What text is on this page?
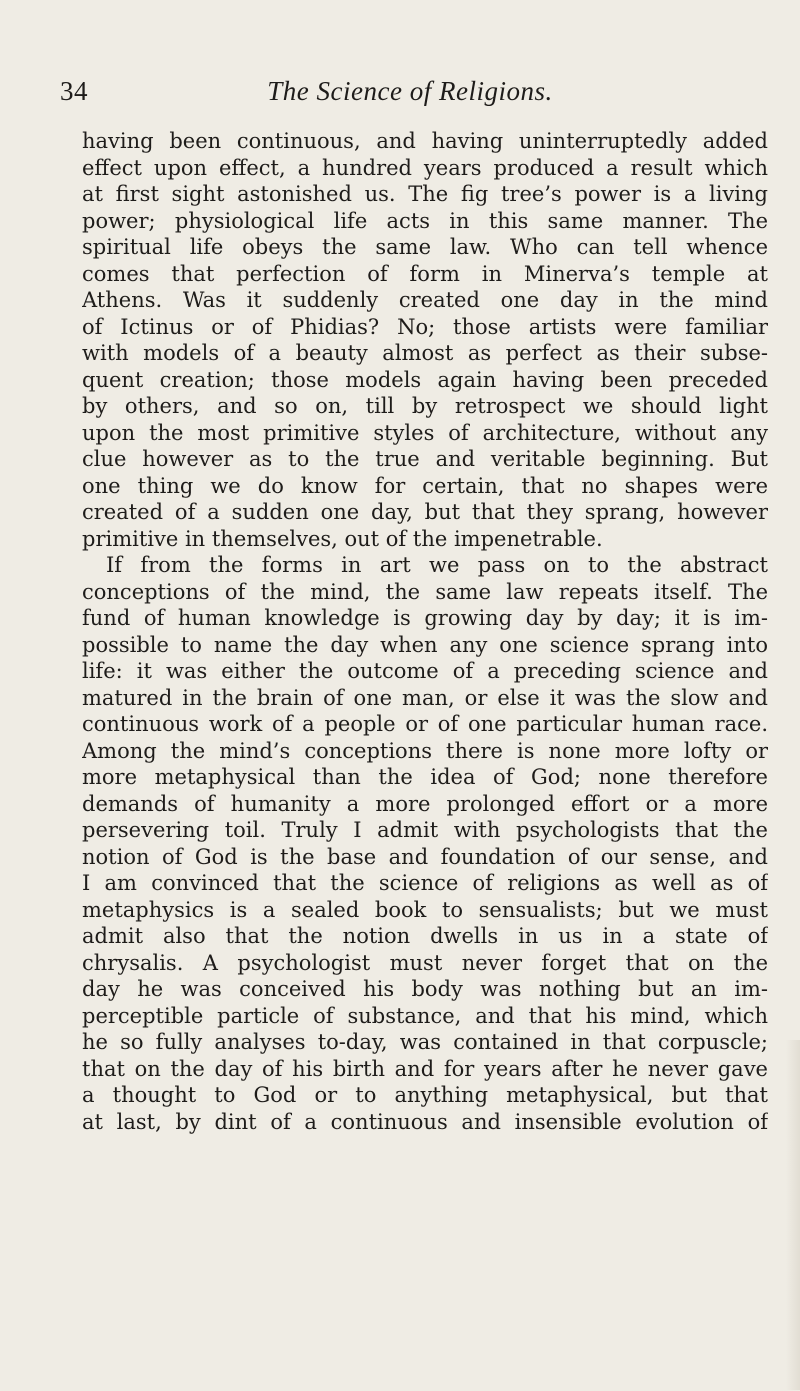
34	The Science of Religions.
having been continuous, and having uninterruptedly added
effect upon effect, a hundred years produced a result which
at first sight astonished us. The fig tree’s power is a living
power; physiological life acts in this same manner. The
spiritual life obeys the same law. Who can tell whence
comes that perfection of form in Minerva’s temple at
Athens. Was it suddenly created one day in the mind
of Ictinus or of Phidias? No; those artists were familiar
with models of a beauty almost as perfect as their subse-
quent creation; those models again having been preceded
by others, and so on, till by retrospect we should light
upon the most primitive styles of architecture, without any
clue however as to the true and veritable beginning. But
one thing we do know for certain, that no shapes were
created of a sudden one day, but that they sprang, however
primitive in themselves, out of the impenetrable.
If from the forms in art we pass on to the abstract
conceptions of the mind, the same law repeats itself. The
fund of human knowledge is growing day by day; it is im-
possible to name the day when any one science sprang into
life: it was either the outcome of a preceding science and
matured in the brain of one man, or else it was the slow and
continuous work of a people or of one particular human race.
Among the mind’s conceptions there is none more lofty or
more metaphysical than the idea of God; none therefore
demands of humanity a more prolonged effort or a more
persevering toil. Truly I admit with psychologists that the
notion of God is the base and foundation of our sense, and
I am convinced that the science of religions as well as of
metaphysics is a sealed book to sensualists; but we must
admit also that the notion dwells in us in a state of
chrysalis. A psychologist must never forget that on the
day he was conceived his body was nothing but an im-
perceptible particle of substance, and that his mind, which
he so fully analyses to-day, was contained in that corpuscle;
that on the day of his birth and for years after he never gave
a thought to God or to anything metaphysical, but that
at last, by dint of a continuous and insensible evolution of
